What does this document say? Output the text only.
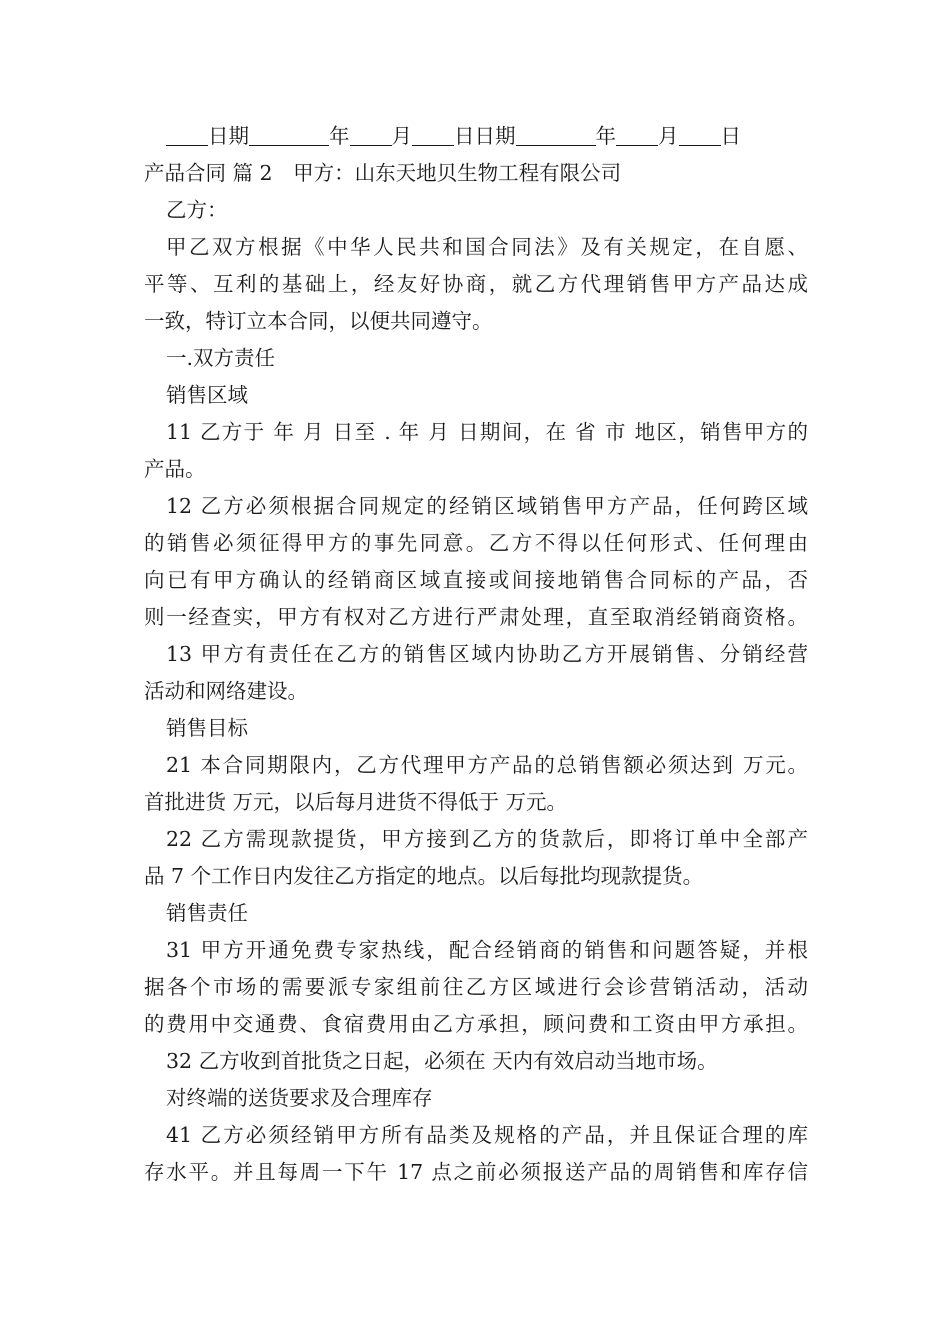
日期	年 月 日日期	年 月 日
产品合同 篇 2　甲方：山东天地贝生物工程有限公司
乙方：
甲乙双方根据《中华人民共和国合同法》及有关规定，在自愿、
平等、互利的基础上，经友好协商，就乙方代理销售甲方产品达成
一致，特订立本合同，以便共同遵守。
一.双方责任
销售区域
11 乙方于 年 月 日至 . 年 月 日期间，在 省 市 地区，销售甲方的
产品。
12 乙方必须根据合同规定的经销区域销售甲方产品，任何跨区域
的销售必须征得甲方的事先同意。乙方不得以任何形式、任何理由
向已有甲方确认的经销商区域直接或间接地销售合同标的产品，否
则一经查实，甲方有权对乙方进行严肃处理，直至取消经销商资格。
13 甲方有责任在乙方的销售区域内协助乙方开展销售、分销经营
活动和网络建设。
销售目标
21 本合同期限内，乙方代理甲方产品的总销售额必须达到 万元。
首批进货 万元，以后每月进货不得低于 万元。
22 乙方需现款提货，甲方接到乙方的货款后，即将订单中全部产
品 7 个工作日内发往乙方指定的地点。以后每批均现款提货。
销售责任
31 甲方开通免费专家热线，配合经销商的销售和问题答疑，并根
据各个市场的需要派专家组前往乙方区域进行会诊营销活动，活动
的费用中交通费、食宿费用由乙方承担，顾问费和工资由甲方承担。
32 乙方收到首批货之日起，必须在 天内有效启动当地市场。
对终端的送货要求及合理库存
41 乙方必须经销甲方所有品类及规格的产品，并且保证合理的库
存水平。并且每周一下午 17 点之前必须报送产品的周销售和库存信
